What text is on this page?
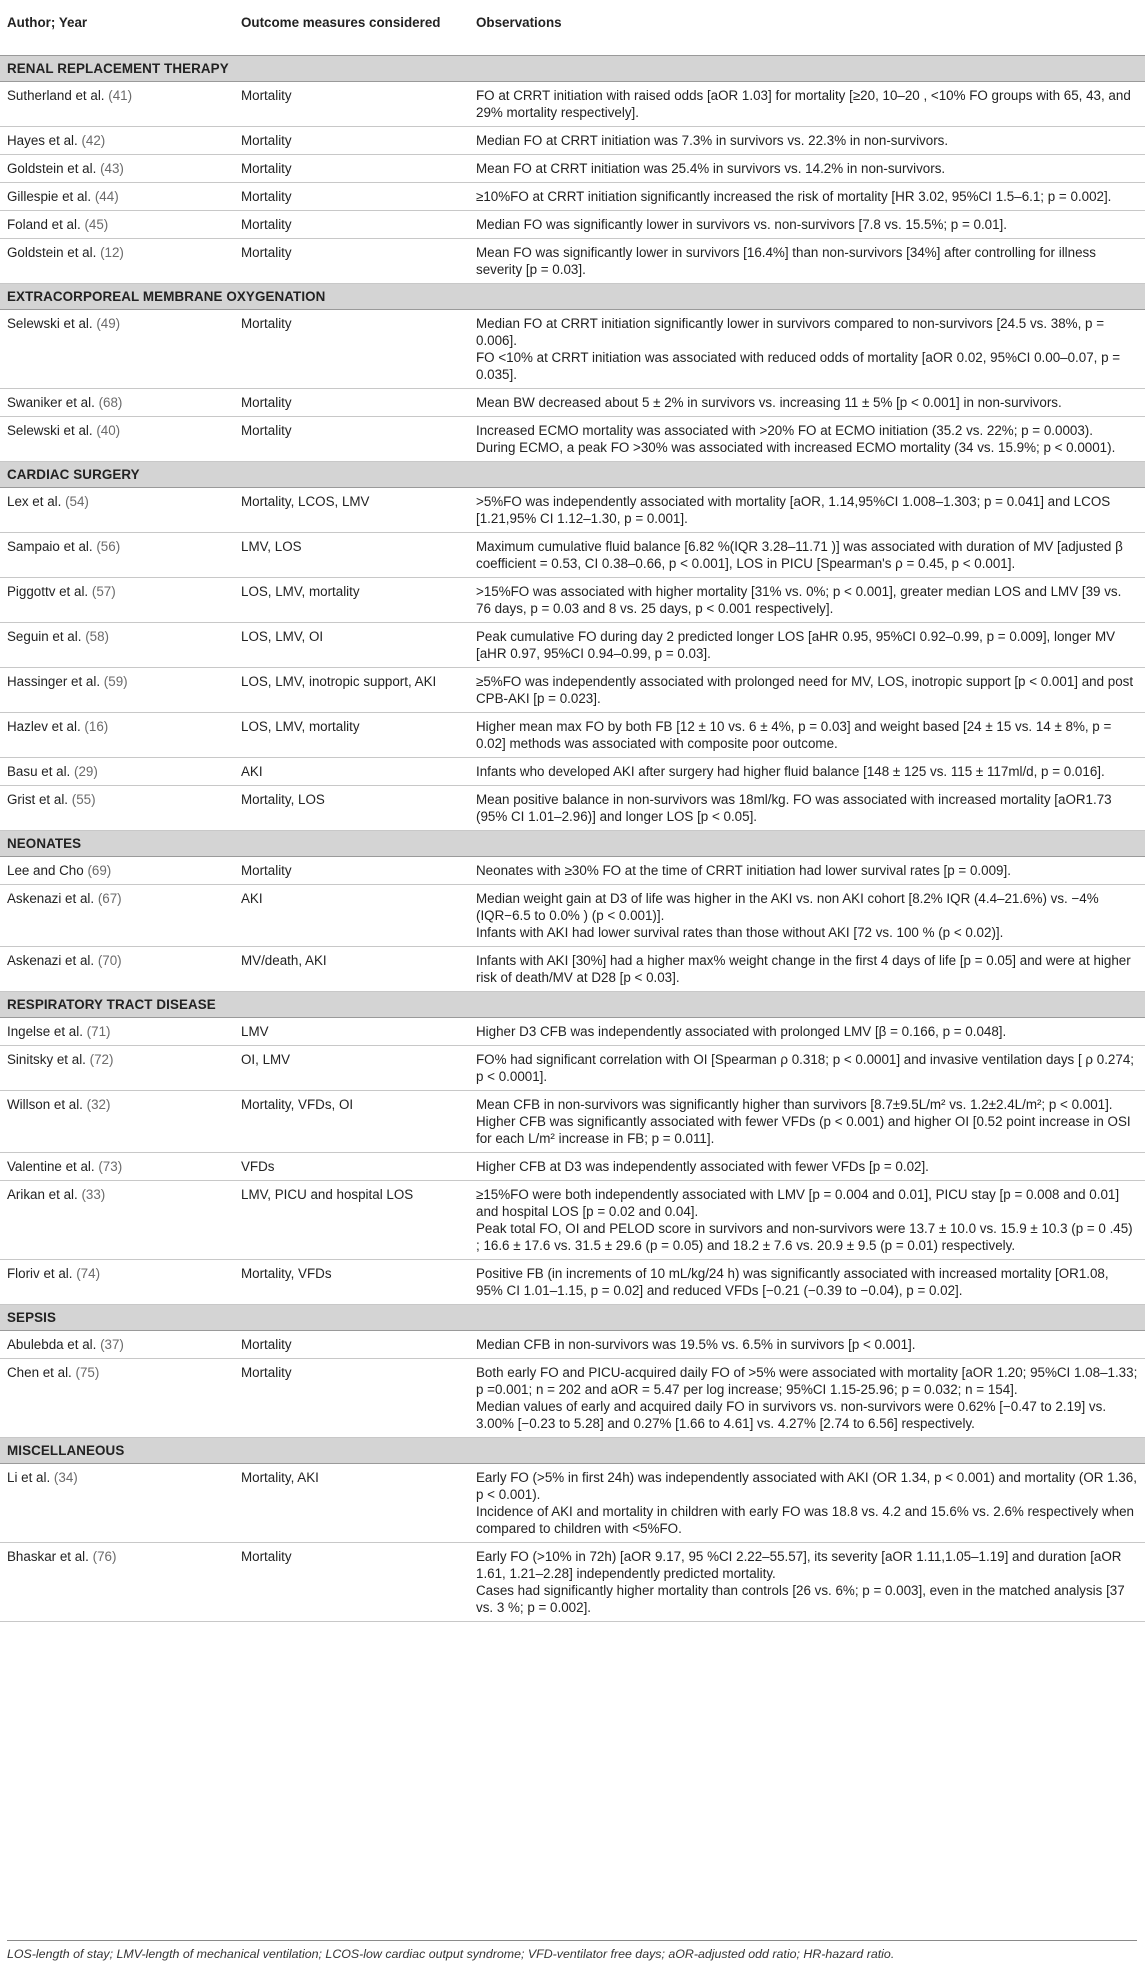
Author; Year	Outcome measures considered	Observations
RENAL REPLACEMENT THERAPY		
Sutherland et al. (41)	Mortality	FO at CRRT initiation with raised odds [aOR 1.03] for mortality [≥20, 10–20 , <10% FO groups with 65, 43, and 29% mortality respectively].

Hayes et al. (42)	Mortality	Median FO at CRRT initiation was 7.3% in survivors vs. 22.3% in non-survivors.

Goldstein et al. (43)	Mortality	Mean FO at CRRT initiation was 25.4% in survivors vs. 14.2% in non-survivors.

Gillespie et al. (44)	Mortality	≥10%FO at CRRT initiation significantly increased the risk of mortality [HR 3.02, 95%CI 1.5–6.1; p = 0.002].

Foland et al. (45)	Mortality	Median FO was significantly lower in survivors vs. non-survivors [7.8 vs. 15.5%; p = 0.01].

Goldstein et al. (12)	Mortality	Mean FO was significantly lower in survivors [16.4%] than non-survivors [34%] after controlling for illness severity [p = 0.03].

EXTRACORPOREAL MEMBRANE OXYGENATION		
Selewski et al. (49)	Mortality	Median FO at CRRT initiation significantly lower in survivors compared to non-survivors [24.5 vs. 38%, p = 0.006].
FO <10% at CRRT initiation was associated with reduced odds of mortality [aOR 0.02, 95%CI 0.00–0.07, p = 0.035].

Swaniker et al. (68)	Mortality	Mean BW decreased about 5 ± 2% in survivors vs. increasing 11 ± 5% [p < 0.001] in non-survivors.

Selewski et al. (40)	Mortality	Increased ECMO mortality was associated with >20% FO at ECMO initiation (35.2 vs. 22%; p = 0.0003).
During ECMO, a peak FO >30% was associated with increased ECMO mortality (34 vs. 15.9%; p < 0.0001).

CARDIAC SURGERY		
Lex et al. (54)	Mortality, LCOS, LMV	>5%FO was independently associated with mortality [aOR, 1.14,95%CI 1.008–1.303; p = 0.041] and LCOS [1.21,95% CI 1.12–1.30, p = 0.001].

Sampaio et al. (56)	LMV, LOS	Maximum cumulative fluid balance [6.82 %(IQR 3.28–11.71 )] was associated with duration of MV [adjusted β coefficient = 0.53, CI 0.38–0.66, p < 0.001], LOS in PICU [Spearman's ρ = 0.45, p < 0.001].

Piggottv et al. (57)	LOS, LMV, mortality	>15%FO was associated with higher mortality [31% vs. 0%; p < 0.001], greater median LOS and LMV [39 vs. 76 days, p = 0.03 and 8 vs. 25 days, p < 0.001 respectively].

Seguin et al. (58)	LOS, LMV, OI	Peak cumulative FO during day 2 predicted longer LOS [aHR 0.95, 95%CI 0.92–0.99, p = 0.009], longer MV [aHR 0.97, 95%CI 0.94–0.99, p = 0.03].

Hassinger et al. (59)	LOS, LMV, inotropic support, AKI	≥5%FO was independently associated with prolonged need for MV, LOS, inotropic support [p < 0.001] and post CPB-AKI [p = 0.023].

Hazlev et al. (16)	LOS, LMV, mortality	Higher mean max FO by both FB [12 ± 10 vs. 6 ± 4%, p = 0.03] and weight based [24 ± 15 vs. 14 ± 8%, p = 0.02] methods was associated with composite poor outcome.

Basu et al. (29)	AKI	Infants who developed AKI after surgery had higher fluid balance [148 ± 125 vs. 115 ± 117ml/d, p = 0.016].

Grist et al. (55)	Mortality, LOS	Mean positive balance in non-survivors was 18ml/kg. FO was associated with increased mortality [aOR1.73 (95% CI 1.01–2.96)] and longer LOS [p < 0.05].

NEONATES		
Lee and Cho (69)	Mortality	Neonates with ≥30% FO at the time of CRRT initiation had lower survival rates [p = 0.009].

Askenazi et al. (67)	AKI	Median weight gain at D3 of life was higher in the AKI vs. non AKI cohort [8.2% IQR (4.4–21.6%) vs. −4% (IQR−6.5 to 0.0% ) (p < 0.001)].
Infants with AKI had lower survival rates than those without AKI [72 vs. 100 % (p < 0.02)].

Askenazi et al. (70)	MV/death, AKI	Infants with AKI [30%] had a higher max% weight change in the first 4 days of life [p = 0.05] and were at higher risk of death/MV at D28 [p < 0.03].

RESPIRATORY TRACT DISEASE		
Ingelse et al. (71)	LMV	Higher D3 CFB was independently associated with prolonged LMV [β = 0.166, p = 0.048].

Sinitsky et al. (72)	OI, LMV	FO% had significant correlation with OI [Spearman ρ 0.318; p < 0.0001] and invasive ventilation days [ ρ 0.274; p < 0.0001].

Willson et al. (32)	Mortality, VFDs, OI	Mean CFB in non-survivors was significantly higher than survivors [8.7±9.5L/m² vs. 1.2±2.4L/m²; p < 0.001].
Higher CFB was significantly associated with fewer VFDs (p < 0.001) and higher OI [0.52 point increase in OSI for each L/m² increase in FB; p = 0.011].

Valentine et al. (73)	VFDs	Higher CFB at D3 was independently associated with fewer VFDs [p = 0.02].

Arikan et al. (33)	LMV, PICU and hospital LOS	≥15%FO were both independently associated with LMV [p = 0.004 and 0.01], PICU stay [p = 0.008 and 0.01] and hospital LOS [p = 0.02 and 0.04].
Peak total FO, OI and PELOD score in survivors and non-survivors were 13.7 ± 10.0 vs. 15.9 ± 10.3 (p = 0 .45) ; 16.6 ± 17.6 vs. 31.5 ± 29.6 (p = 0.05) and 18.2 ± 7.6 vs. 20.9 ± 9.5 (p = 0.01) respectively.

Floriv et al. (74)	Mortality, VFDs	Positive FB (in increments of 10 mL/kg/24 h) was significantly associated with increased mortality [OR1.08, 95% CI 1.01–1.15, p = 0.02] and reduced VFDs [−0.21 (−0.39 to −0.04), p = 0.02].

SEPSIS		
Abulebda et al. (37)	Mortality	Median CFB in non-survivors was 19.5% vs. 6.5% in survivors [p < 0.001].

Chen et al. (75)	Mortality	Both early FO and PICU-acquired daily FO of >5% were associated with mortality [aOR 1.20; 95%CI 1.08–1.33; p =0.001; n = 202 and aOR = 5.47 per log increase; 95%CI 1.15-25.96; p = 0.032; n = 154].
Median values of early and acquired daily FO in survivors vs. non-survivors were 0.62% [−0.47 to 2.19] vs. 3.00% [−0.23 to 5.28] and 0.27% [1.66 to 4.61] vs. 4.27% [2.74 to 6.56] respectively.

MISCELLANEOUS		
Li et al. (34)	Mortality, AKI	Early FO (>5% in first 24h) was independently associated with AKI (OR 1.34, p < 0.001) and mortality (OR 1.36, p < 0.001).
Incidence of AKI and mortality in children with early FO was 18.8 vs. 4.2 and 15.6% vs. 2.6% respectively when compared to children with <5%FO.

Bhaskar et al. (76)	Mortality	Early FO (>10% in 72h) [aOR 9.17, 95 %CI 2.22–55.57], its severity [aOR 1.11,1.05–1.19] and duration [aOR 1.61, 1.21–2.28] independently predicted mortality.
Cases had significantly higher mortality than controls [26 vs. 6%; p = 0.003], even in the matched analysis [37 vs. 3 %; p = 0.002].
LOS-length of stay; LMV-length of mechanical ventilation; LCOS-low cardiac output syndrome; VFD-ventilator free days; aOR-adjusted odd ratio; HR-hazard ratio.
